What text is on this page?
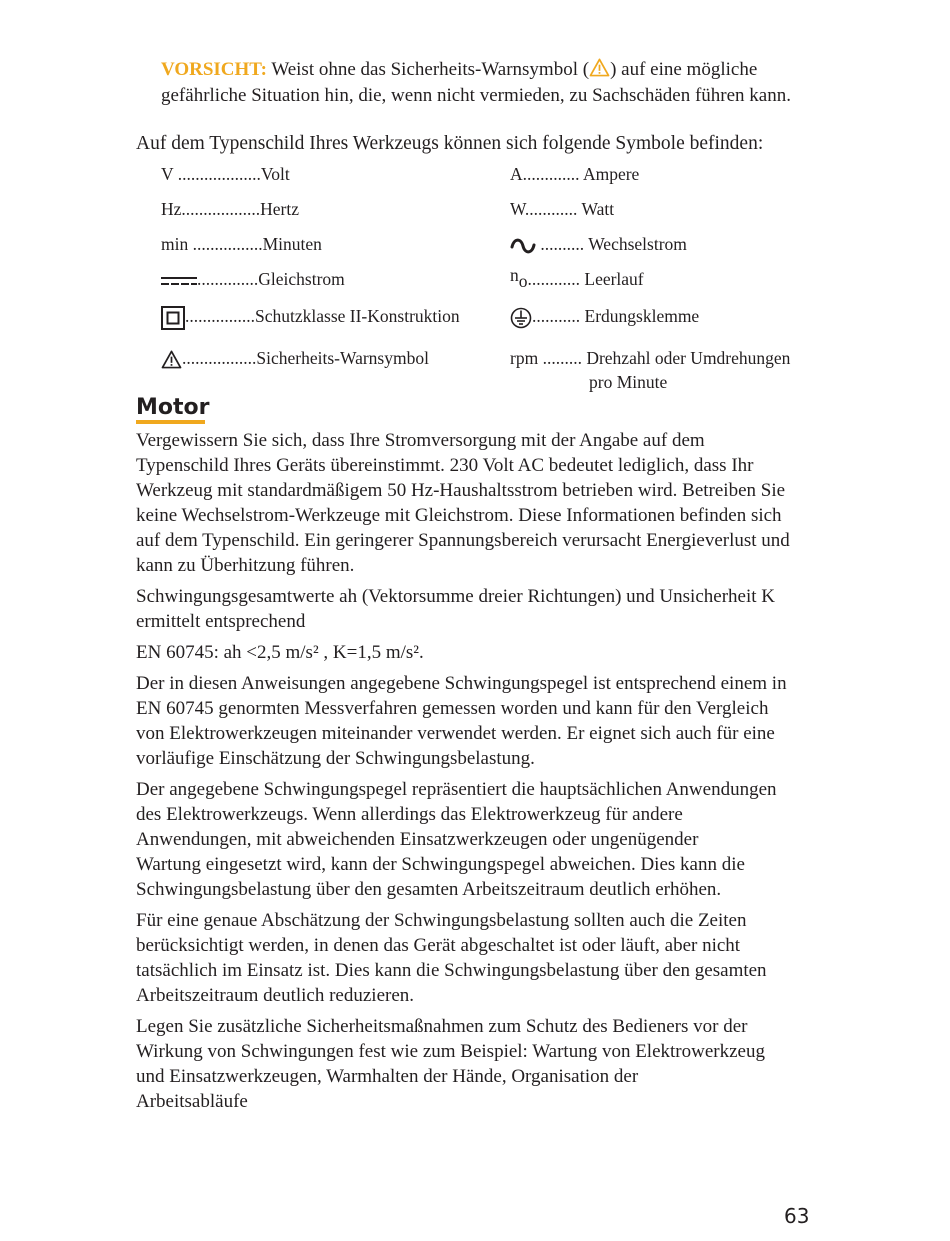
VORSICHT: Weist ohne das Sicherheits-Warnsymbol ( ) auf eine mögliche gefährliche Situation hin, die, wenn nicht vermieden, zu Sachschäden führen kann.
Auf dem Typenschild Ihres Werkzeugs können sich folgende Symbole befinden:
V ...................Volt
Hz..................Hertz
min ................Minuten
..............Gleichstrom
................Schutzklasse II-Konstruktion
.................Sicherheits-Warnsymbol
A............. Ampere
W............ Watt
.......... Wechselstrom
no............ Leerlauf
........... Erdungsklemme
rpm ......... Drehzahl oder Umdrehungen
pro Minute
Motor

Vergewissern Sie sich, dass Ihre Stromversorgung mit der Angabe auf dem
Typenschild Ihres Geräts übereinstimmt. 230 Volt AC bedeutet lediglich, dass Ihr
Werkzeug mit standardmäßigem 50 Hz-Haushaltsstrom betrieben wird. Betreiben Sie
keine Wechselstrom-Werkzeuge mit Gleichstrom. Diese Informationen befinden sich
auf dem Typenschild. Ein geringerer Spannungsbereich verursacht Energieverlust und
kann zu Überhitzung führen.

Schwingungsgesamtwerte ah (Vektorsumme dreier Richtungen) und Unsicherheit K
ermittelt entsprechend

EN 60745: ah <2,5 m/s² , K=1,5 m/s².

Der in diesen Anweisungen angegebene Schwingungspegel ist entsprechend einem in
EN 60745 genormten Messverfahren gemessen worden und kann für den Vergleich
von Elektrowerkzeugen miteinander verwendet werden. Er eignet sich auch für eine
vorläufige Einschätzung der Schwingungsbelastung.

Der angegebene Schwingungspegel repräsentiert die hauptsächlichen Anwendungen
des Elektrowerkzeugs. Wenn allerdings das Elektrowerkzeug für andere
Anwendungen, mit abweichenden Einsatzwerkzeugen oder ungenügender
Wartung eingesetzt wird, kann der Schwingungspegel abweichen. Dies kann die
Schwingungsbelastung über den gesamten Arbeitszeitraum deutlich erhöhen.

Für eine genaue Abschätzung der Schwingungsbelastung sollten auch die Zeiten
berücksichtigt werden, in denen das Gerät abgeschaltet ist oder läuft, aber nicht
tatsächlich im Einsatz ist. Dies kann die Schwingungsbelastung über den gesamten
Arbeitszeitraum deutlich reduzieren.

Legen Sie zusätzliche Sicherheitsmaßnahmen zum Schutz des Bedieners vor der
Wirkung von Schwingungen fest wie zum Beispiel: Wartung von Elektrowerkzeug
und Einsatzwerkzeugen, Warmhalten der Hände, Organisation der
Arbeitsabläufe

63
